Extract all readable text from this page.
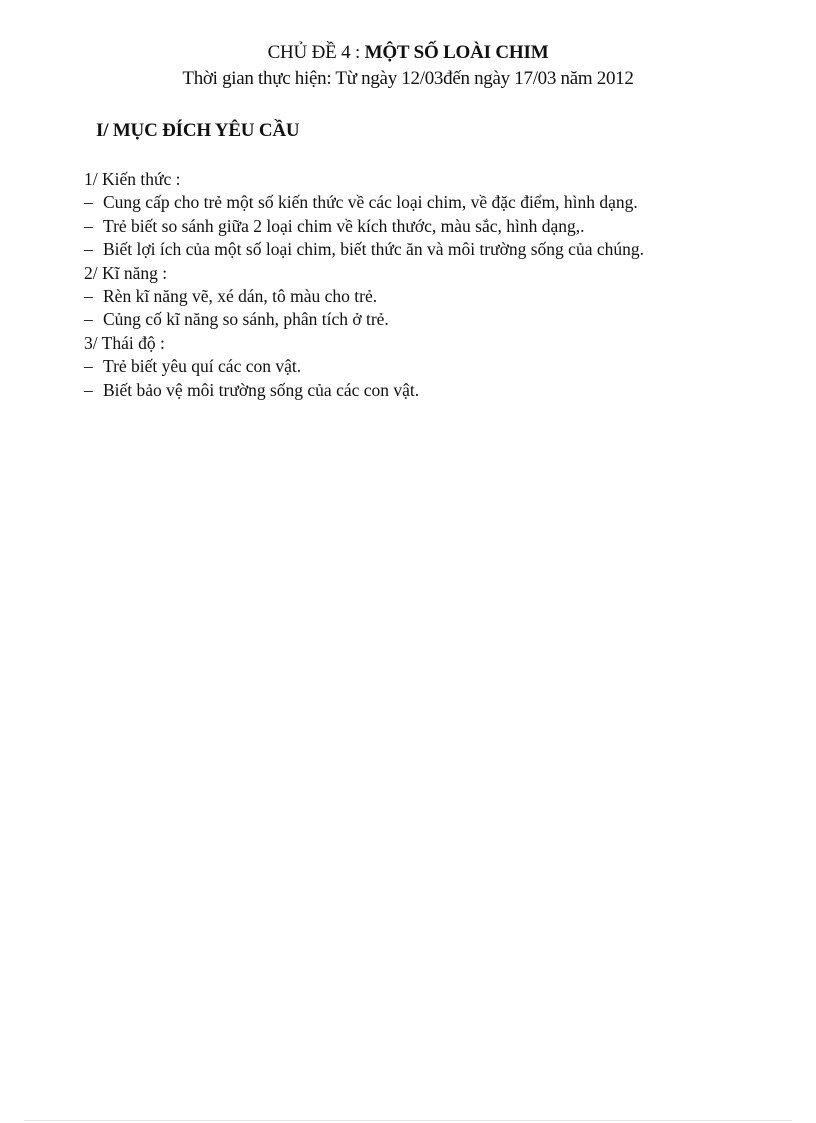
CHỦ ĐỀ 4 : MỘT SỐ LOÀI CHIM
Thời gian thực hiện: Từ ngày 12/03đến ngày 17/03 năm 2012
I/ MỤC ĐÍCH YÊU CẦU
1/ Kiến thức :
– Cung cấp cho trẻ một số kiến thức về các loại chim, về đặc điểm, hình dạng.
– Trẻ biết so sánh giữa 2 loại chim về kích thước, màu sắc, hình dạng,.
– Biết lợi ích của một số loại chim, biết thức ăn và môi trường sống của chúng.
2/ Kĩ năng :
– Rèn kĩ năng vẽ, xé dán, tô màu cho trẻ.
– Củng cố kĩ năng so sánh, phân tích ở trẻ.
3/ Thái độ :
– Trẻ biết yêu quí các con vật.
– Biết bảo vệ môi trường sống của các con vật.
